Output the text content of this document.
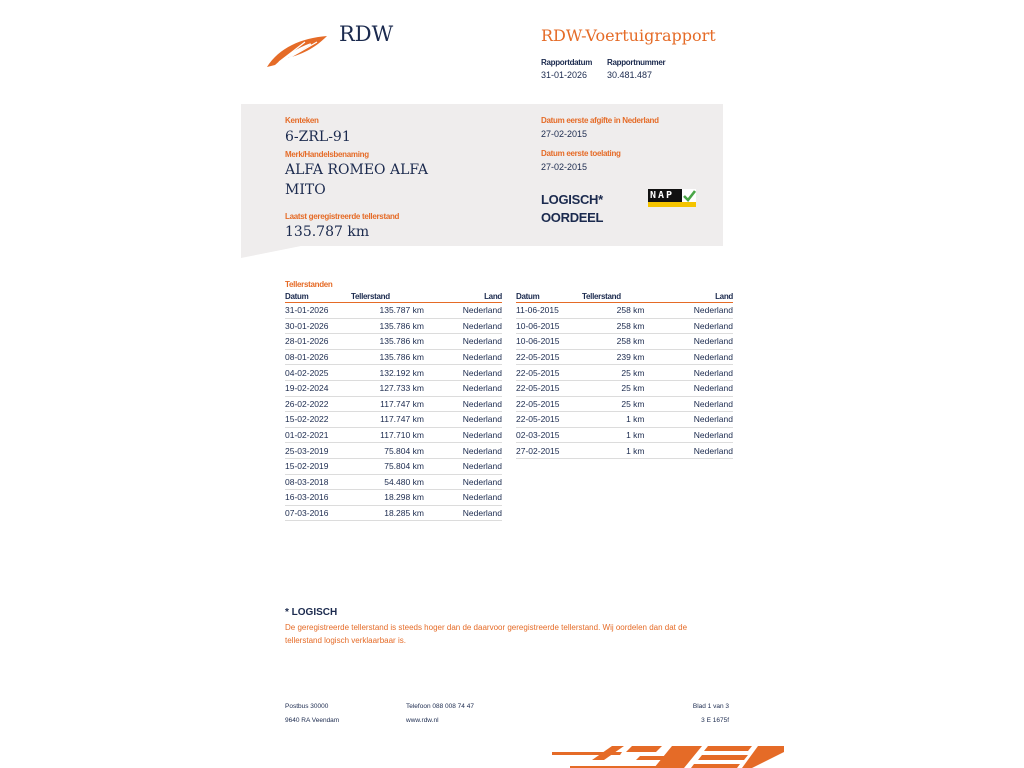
RDW	RDW-Voertuigrapport
Rapportdatum
31-01-2026
Rapportnummer
30.481.487
Kenteken
6-ZRL-91
Merk/Handelsbenaming
ALFA ROMEO ALFA
MITO
Laatst geregistreerde tellerstand
135.787 km
Datum eerste afgifte in Nederland
27-02-2015
Datum eerste toelating
27-02-2015
LOGISCH*
OORDEEL
NAP
Tellerstanden
Datum	Tellerstand	Land
31-01-2026	135.787 km	Nederland
30-01-2026	135.786 km	Nederland
28-01-2026	135.786 km	Nederland
08-01-2026	135.786 km	Nederland
04-02-2025	132.192 km	Nederland
19-02-2024	127.733 km	Nederland
26-02-2022	117.747 km	Nederland
15-02-2022	117.747 km	Nederland
01-02-2021	117.710 km	Nederland
25-03-2019	75.804 km	Nederland
15-02-2019	75.804 km	Nederland
08-03-2018	54.480 km	Nederland
16-03-2016	18.298 km	Nederland
07-03-2016	18.285 km	Nederland
Datum	Tellerstand	Land
11-06-2015	258 km	Nederland
10-06-2015	258 km	Nederland
10-06-2015	258 km	Nederland
22-05-2015	239 km	Nederland
22-05-2015	25 km	Nederland
22-05-2015	25 km	Nederland
22-05-2015	25 km	Nederland
22-05-2015	1 km	Nederland
02-03-2015	1 km	Nederland
27-02-2015	1 km	Nederland
* LOGISCH
De geregistreerde tellerstand is steeds hoger dan de daarvoor geregistreerde tellerstand. Wij oordelen dan dat de
tellerstand logisch verklaarbaar is.
Postbus 30000
9640 RA Veendam
Telefoon 088 008 74 47
www.rdw.nl
Blad 1 van 3
3 E 1675f
